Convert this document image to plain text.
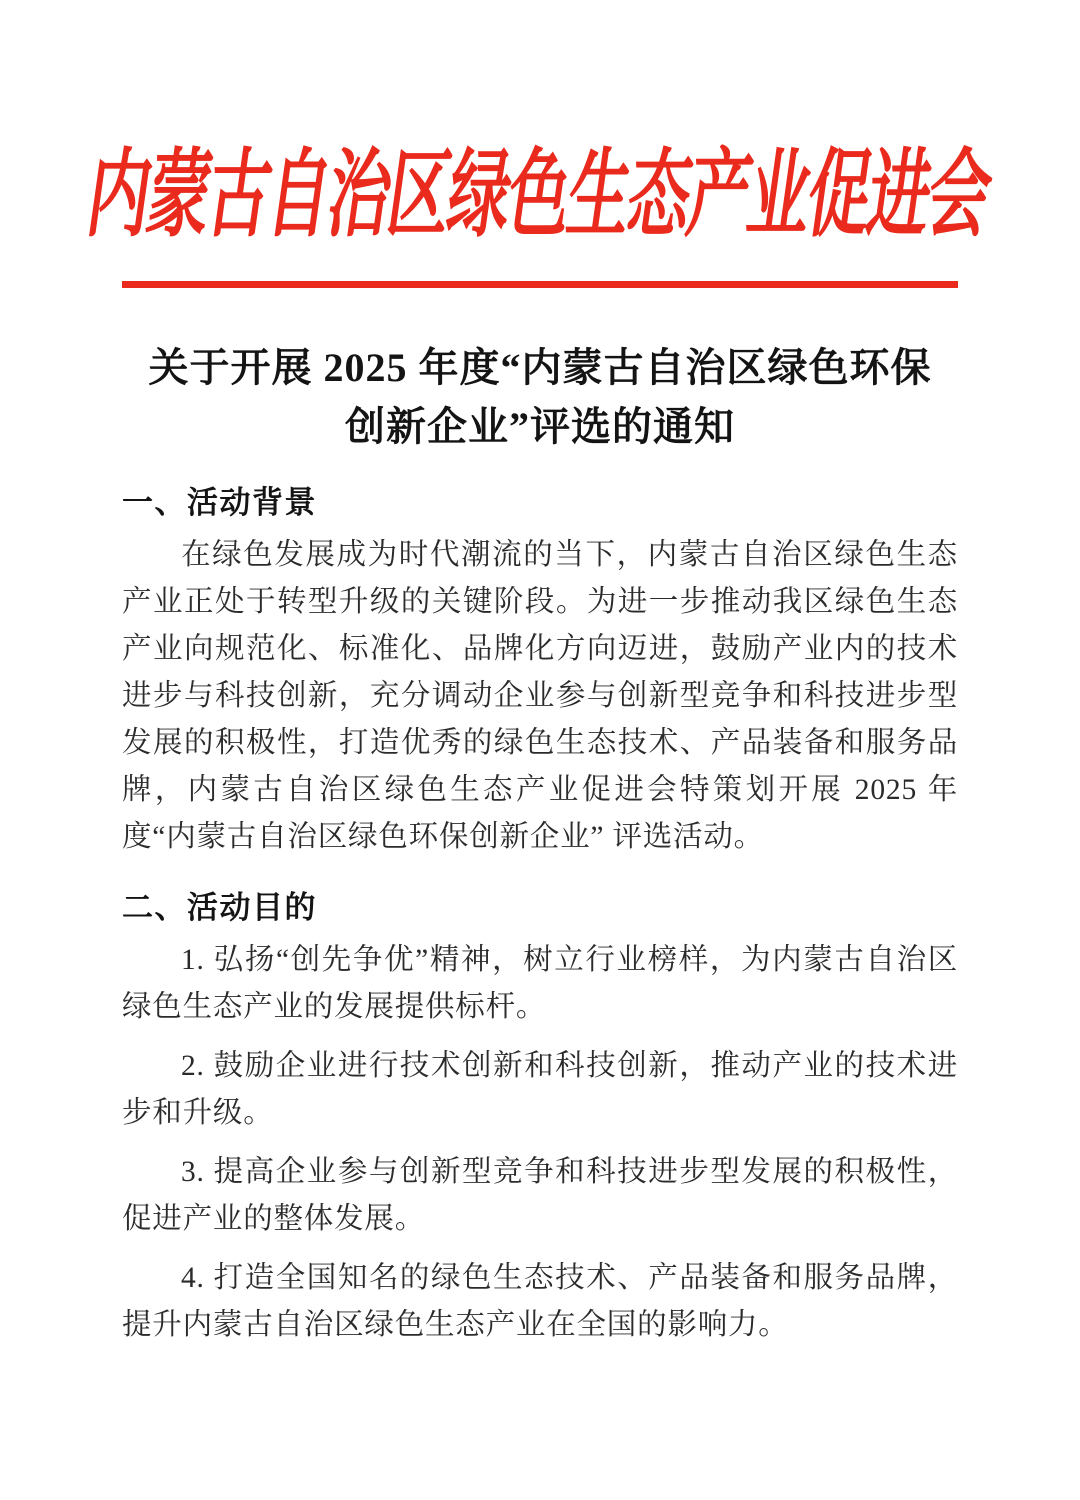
内蒙古自治区绿色生态产业促进会
关于开展 2025 年度“内蒙古自治区绿色环保
创新企业”评选的通知
一、活动背景

在绿色发展成为时代潮流的当下，内蒙古自治区绿色生态产业正处于转型升级的关键阶段。为进一步推动我区绿色生态产业向规范化、标准化、品牌化方向迈进，鼓励产业内的技术进步与科技创新，充分调动企业参与创新型竞争和科技进步型发展的积极性，打造优秀的绿色生态技术、产品装备和服务品牌，内蒙古自治区绿色生态产业促进会特策划开展 2025 年度“内蒙古自治区绿色环保创新企业” 评选活动。

二、活动目的

1. 弘扬“创先争优”精神，树立行业榜样，为内蒙古自治区绿色生态产业的发展提供标杆。

2. 鼓励企业进行技术创新和科技创新，推动产业的技术进步和升级。

3. 提高企业参与创新型竞争和科技进步型发展的积极性，促进产业的整体发展。

4. 打造全国知名的绿色生态技术、产品装备和服务品牌，提升内蒙古自治区绿色生态产业在全国的影响力。
